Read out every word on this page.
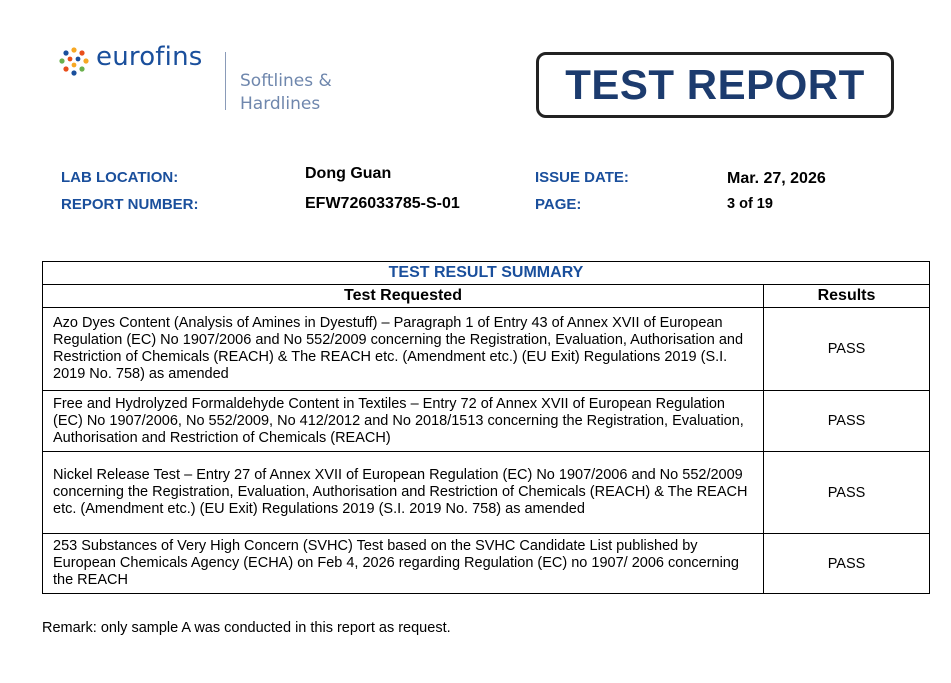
eurofins
Softlines &
Hardlines	TEST REPORT
LAB LOCATION:	Dong Guan
REPORT NUMBER:	EFW726033785-S-01
ISSUE DATE:	Mar. 27, 2026
PAGE:	3 of 19
TEST RESULT SUMMARY	
Test Requested	Results
Azo Dyes Content (Analysis of Amines in Dyestuff) – Paragraph 1 of Entry 43 of Annex XVII of European Regulation (EC) No 1907/2006 and No 552/2009 concerning the Registration, Evaluation, Authorisation and Restriction of Chemicals (REACH) & The REACH etc. (Amendment etc.) (EU Exit) Regulations 2019 (S.I. 2019 No. 758) as amended	PASS
Free and Hydrolyzed Formaldehyde Content in Textiles – Entry 72 of Annex XVII of European Regulation (EC) No 1907/2006, No 552/2009, No 412/2012 and No 2018/1513 concerning the Registration, Evaluation, Authorisation and Restriction of Chemicals (REACH)	PASS
Nickel Release Test – Entry 27 of Annex XVII of European Regulation (EC) No 1907/2006 and No 552/2009 concerning the Registration, Evaluation, Authorisation and Restriction of Chemicals (REACH) & The REACH etc. (Amendment etc.) (EU Exit) Regulations 2019 (S.I. 2019 No. 758) as amended	PASS
253 Substances of Very High Concern (SVHC) Test based on the SVHC Candidate List published by European Chemicals Agency (ECHA) on Feb 4, 2026 regarding Regulation (EC) no 1907/ 2006 concerning the REACH	PASS
Remark: only sample A was conducted in this report as request.
